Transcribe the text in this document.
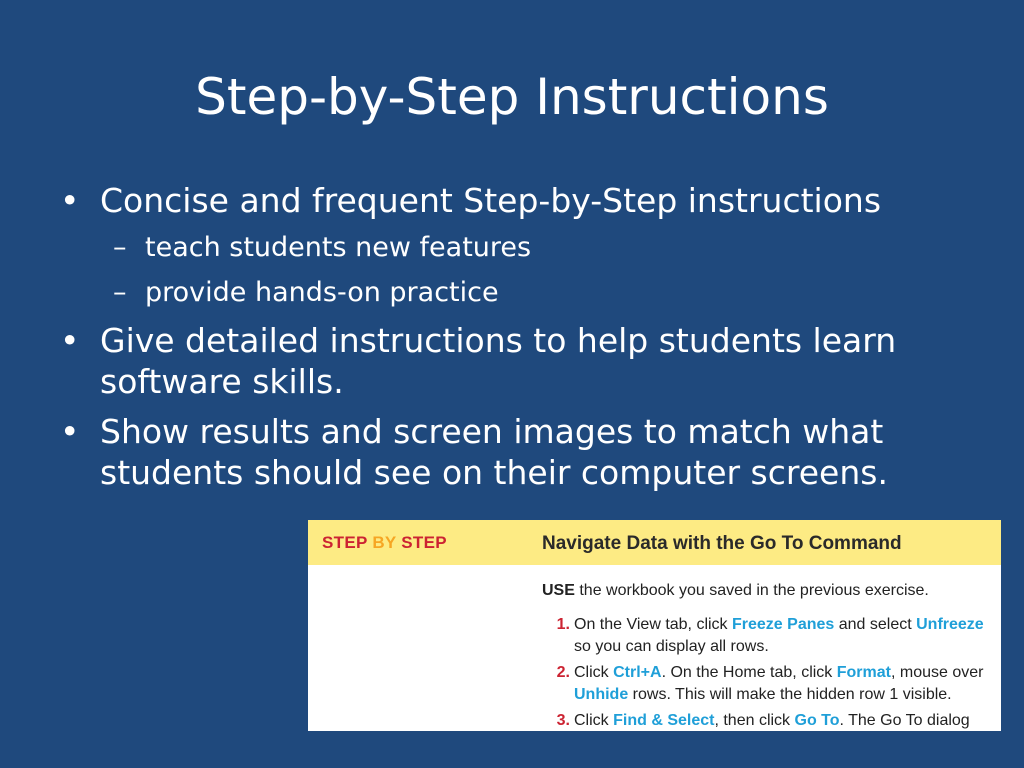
Step-by-Step Instructions
• Concise and frequent Step-by-Step instructions
– teach students new features
– provide hands-on practice
• Give detailed instructions to help students learn software skills.
• Show results and screen images to match what students should see on their computer screens.
STEP BY STEP	Navigate Data with the Go To Command
USE the workbook you saved in the previous exercise.
1. On the View tab, click Freeze Panes and select Unfreeze
so you can display all rows.
2. Click Ctrl+A. On the Home tab, click Format, mouse over
Unhide rows. This will make the hidden row 1 visible.
3. Click Find & Select, then click Go To. The Go To dialog
